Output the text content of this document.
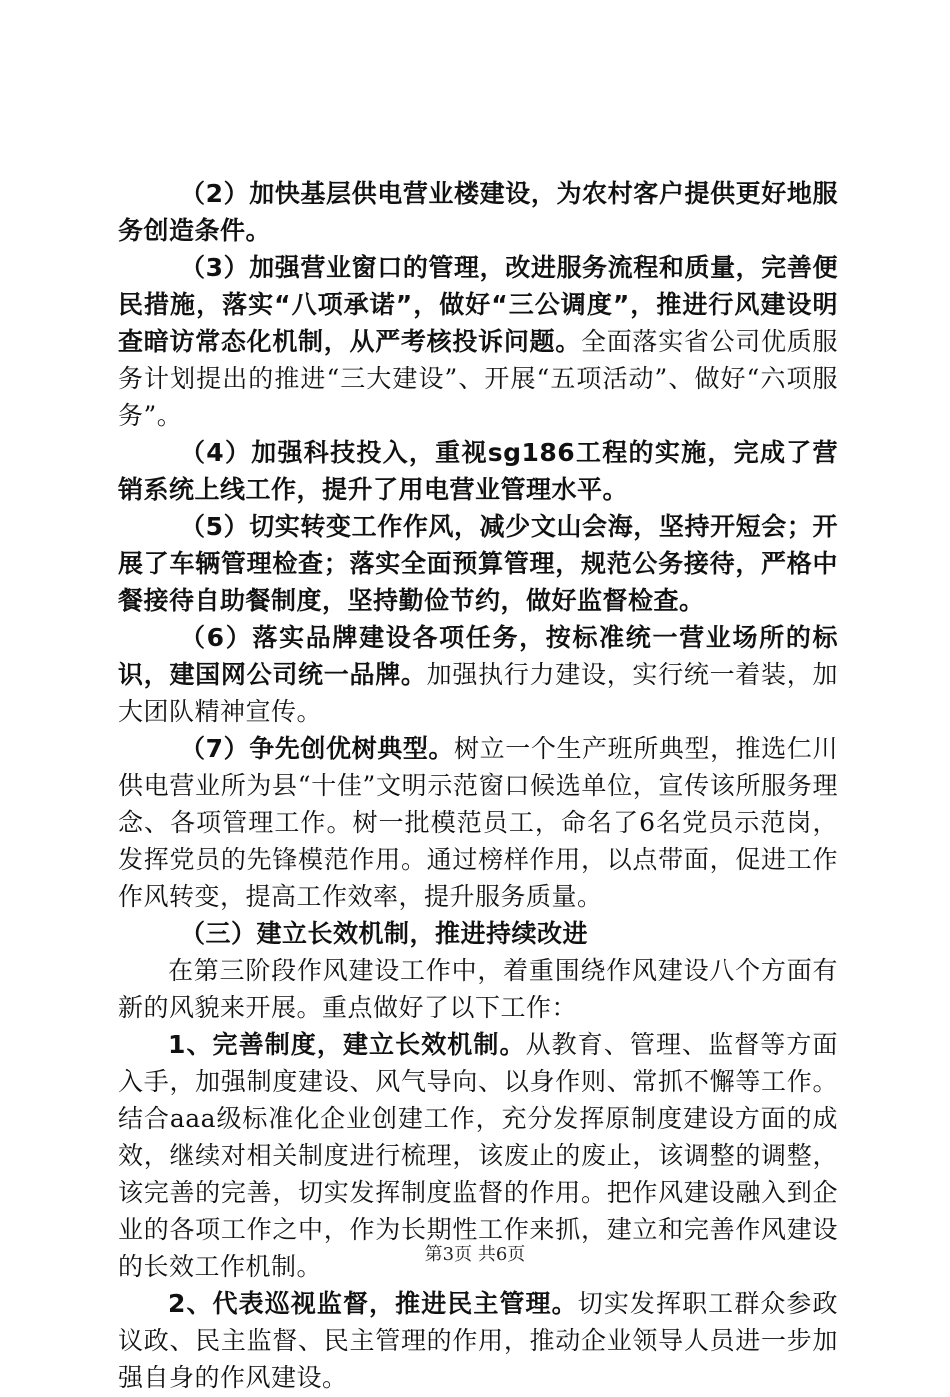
（2）加快基层供电营业楼建设，为农村客户提供更好地服务创造条件。

（3）加强营业窗口的管理，改进服务流程和质量，完善便民措施，落实“八项承诺”，做好“三公调度”，推进行风建设明查暗访常态化机制，从严考核投诉问题。全面落实省公司优质服务计划提出的推进“三大建设”、开展“五项活动”、做好“六项服务”。

（4）加强科技投入，重视sg186工程的实施，完成了营销系统上线工作，提升了用电营业管理水平。

（5）切实转变工作作风，减少文山会海，坚持开短会；开展了车辆管理检查；落实全面预算管理，规范公务接待，严格中餐接待自助餐制度，坚持勤俭节约，做好监督检查。

（6）落实品牌建设各项任务，按标准统一营业场所的标识，建国网公司统一品牌。加强执行力建设，实行统一着装，加大团队精神宣传。

（7）争先创优树典型。树立一个生产班所典型，推选仁川供电营业所为县“十佳”文明示范窗口候选单位，宣传该所服务理念、各项管理工作。树一批模范员工，命名了6名党员示范岗，发挥党员的先锋模范作用。通过榜样作用，以点带面，促进工作作风转变，提高工作效率，提升服务质量。

（三）建立长效机制，推进持续改进

在第三阶段作风建设工作中，着重围绕作风建设八个方面有新的风貌来开展。重点做好了以下工作：

1、完善制度，建立长效机制。从教育、管理、监督等方面入手，加强制度建设、风气导向、以身作则、常抓不懈等工作。结合aaa级标准化企业创建工作，充分发挥原制度建设方面的成效，继续对相关制度进行梳理，该废止的废止，该调整的调整，该完善的完善，切实发挥制度监督的作用。把作风建设融入到企业的各项工作之中，作为长期性工作来抓，建立和完善作风建设的长效工作机制。

2、代表巡视监督，推进民主管理。切实发挥职工群众参政议政、民主监督、民主管理的作用，推动企业领导人员进一步加强自身的作风建设。

第3页 共6页
